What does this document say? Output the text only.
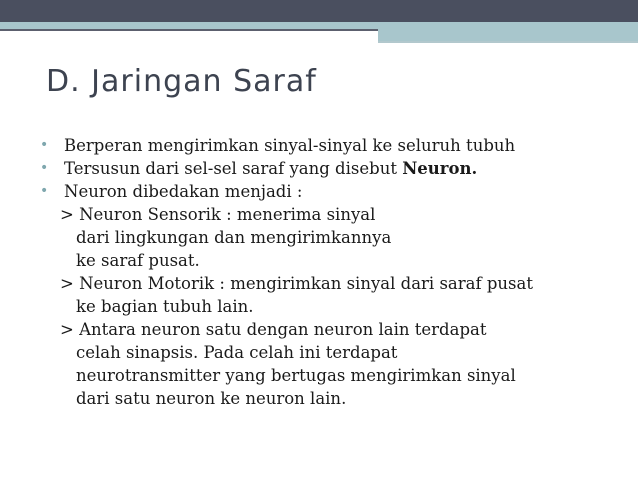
D. Jaringan Saraf
• Berperan mengirimkan sinyal-sinyal ke seluruh tubuh
• Tersusun dari sel-sel saraf yang disebut Neuron.
• Neuron dibedakan menjadi :
> Neuron Sensorik : menerima sinyal
dari lingkungan dan mengirimkannya
ke saraf pusat.
> Neuron Motorik : mengirimkan sinyal dari saraf pusat
ke bagian tubuh lain.
> Antara neuron satu dengan neuron lain terdapat
celah sinapsis. Pada celah ini terdapat
neurotransmitter yang bertugas mengirimkan sinyal
dari satu neuron ke neuron lain.
